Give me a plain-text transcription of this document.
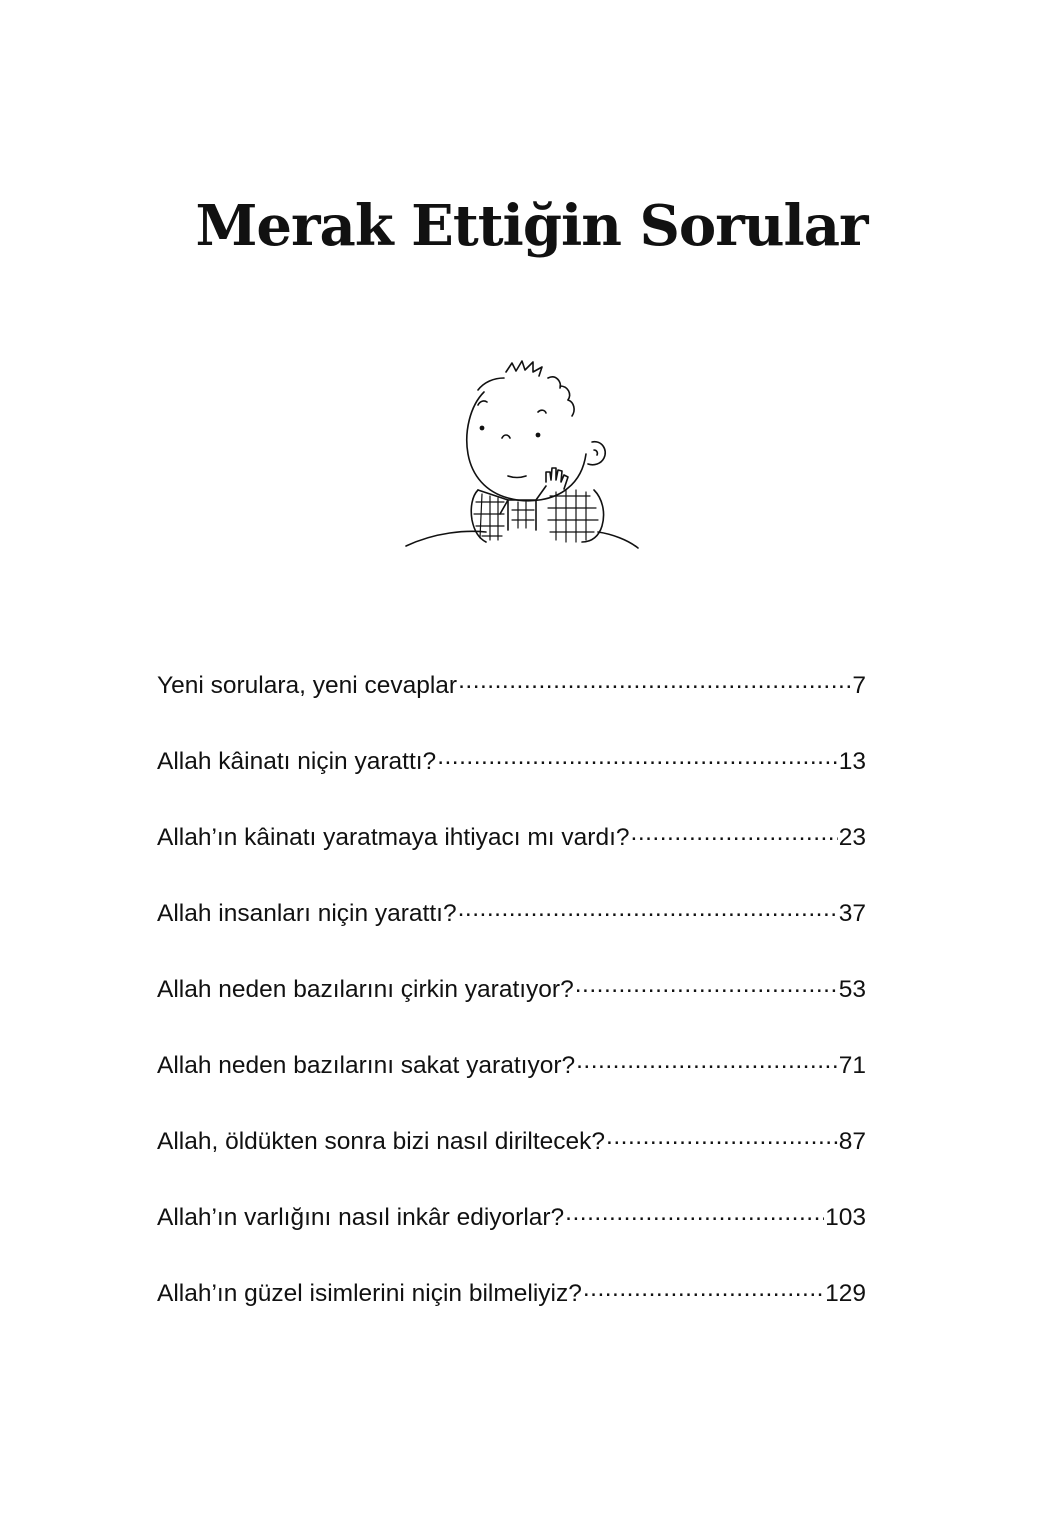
Merak Ettiğin Sorular
Yeni sorulara, yeni cevaplar .....	7
Allah kâinatı niçin yarattı? .....	13
Allah’ın kâinatı yaratmaya ihtiyacı mı vardı? .....	23
Allah insanları niçin yarattı? .....	37
Allah neden bazılarını çirkin yaratıyor? .....	53
Allah neden bazılarını sakat yaratıyor? .....	71
Allah, öldükten sonra bizi nasıl diriltecek? .....	87
Allah’ın varlığını nasıl inkâr ediyorlar? .....	103
Allah’ın güzel isimlerini niçin bilmeliyiz? .....	129
